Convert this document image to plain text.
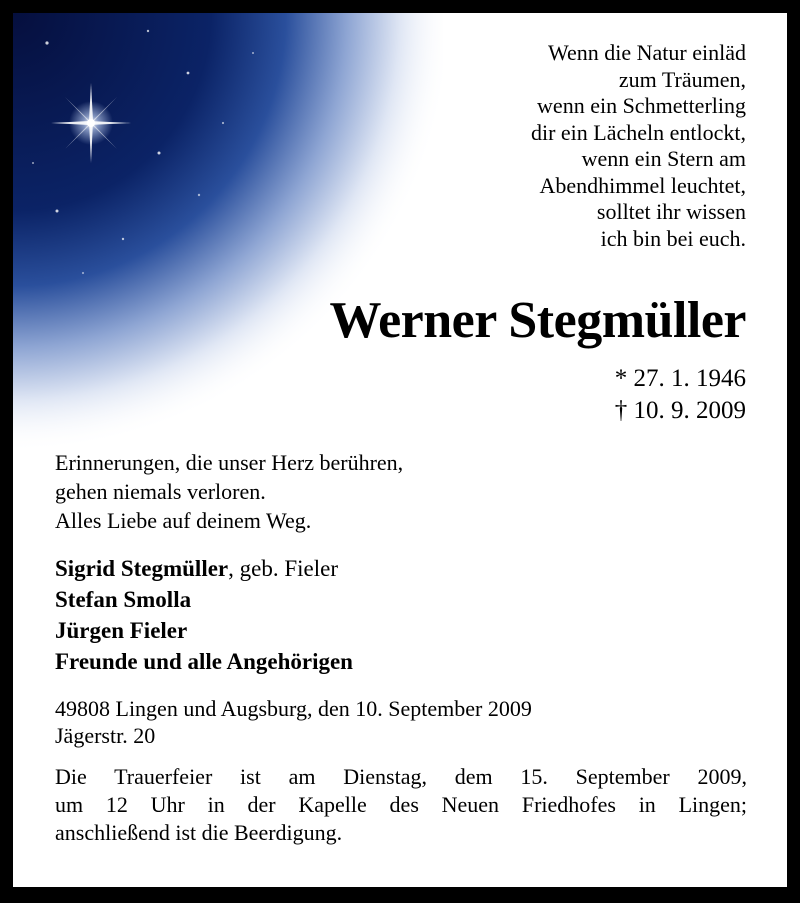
Wenn die Natur einläd
zum Träumen,
wenn ein Schmetterling
dir ein Lächeln entlockt,
wenn ein Stern am
Abendhimmel leuchtet,
solltet ihr wissen
ich bin bei euch.
Werner Stegmüller
* 27. 1. 1946
† 10. 9. 2009
Erinnerungen, die unser Herz berühren,
gehen niemals verloren.
Alles Liebe auf deinem Weg.
Sigrid Stegmüller, geb. Fieler
Stefan Smolla
Jürgen Fieler
Freunde und alle Angehörigen
49808 Lingen und Augsburg, den 10. September 2009
Jägerstr. 20
Die Trauerfeier ist am Dienstag, dem 15. September 2009,
um 12 Uhr in der Kapelle des Neuen Friedhofes in Lingen;
anschließend ist die Beerdigung.
